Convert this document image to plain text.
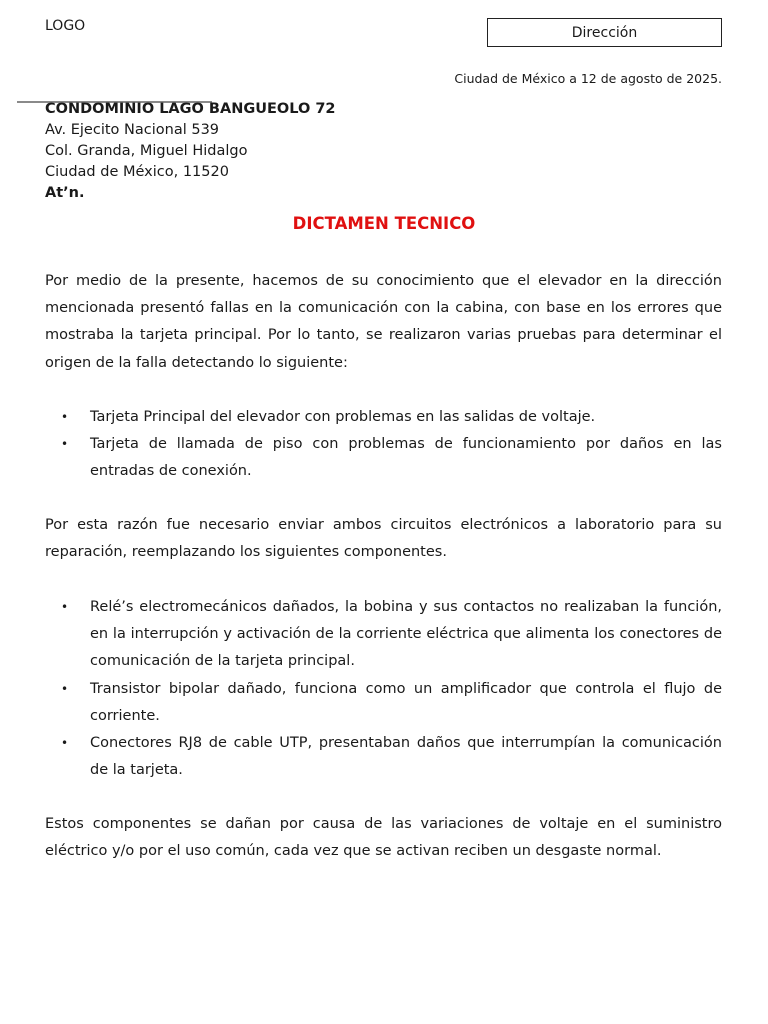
LOGO	Dirección
Ciudad de México a 12 de agosto de 2025.
CONDOMINIO LAGO BANGUEOLO 72
Av. Ejecito Nacional 539
Col. Granda, Miguel Hidalgo
Ciudad de México, 11520
At’n.
DICTAMEN TECNICO
Por medio de la presente, hacemos de su conocimiento que el elevador en la dirección mencionada presentó fallas en la comunicación con la cabina, con base en los errores que mostraba la tarjeta principal. Por lo tanto, se realizaron varias pruebas para determinar el origen de la falla detectando lo siguiente:
• Tarjeta Principal del elevador con problemas en las salidas de voltaje.
• Tarjeta de llamada de piso con problemas de funcionamiento por daños en las entradas de conexión.
Por esta razón fue necesario enviar ambos circuitos electrónicos a laboratorio para su reparación, reemplazando los siguientes componentes.
• Relé’s electromecánicos dañados, la bobina y sus contactos no realizaban la función, en la interrupción y activación de la corriente eléctrica que alimenta los conectores de comunicación de la tarjeta principal.
• Transistor bipolar dañado, funciona como un amplificador que controla el flujo de corriente.
• Conectores RJ8 de cable UTP, presentaban daños que interrumpían la comunicación de la tarjeta.
Estos componentes se dañan por causa de las variaciones de voltaje en el suministro eléctrico y/o por el uso común, cada vez que se activan reciben un desgaste normal.
